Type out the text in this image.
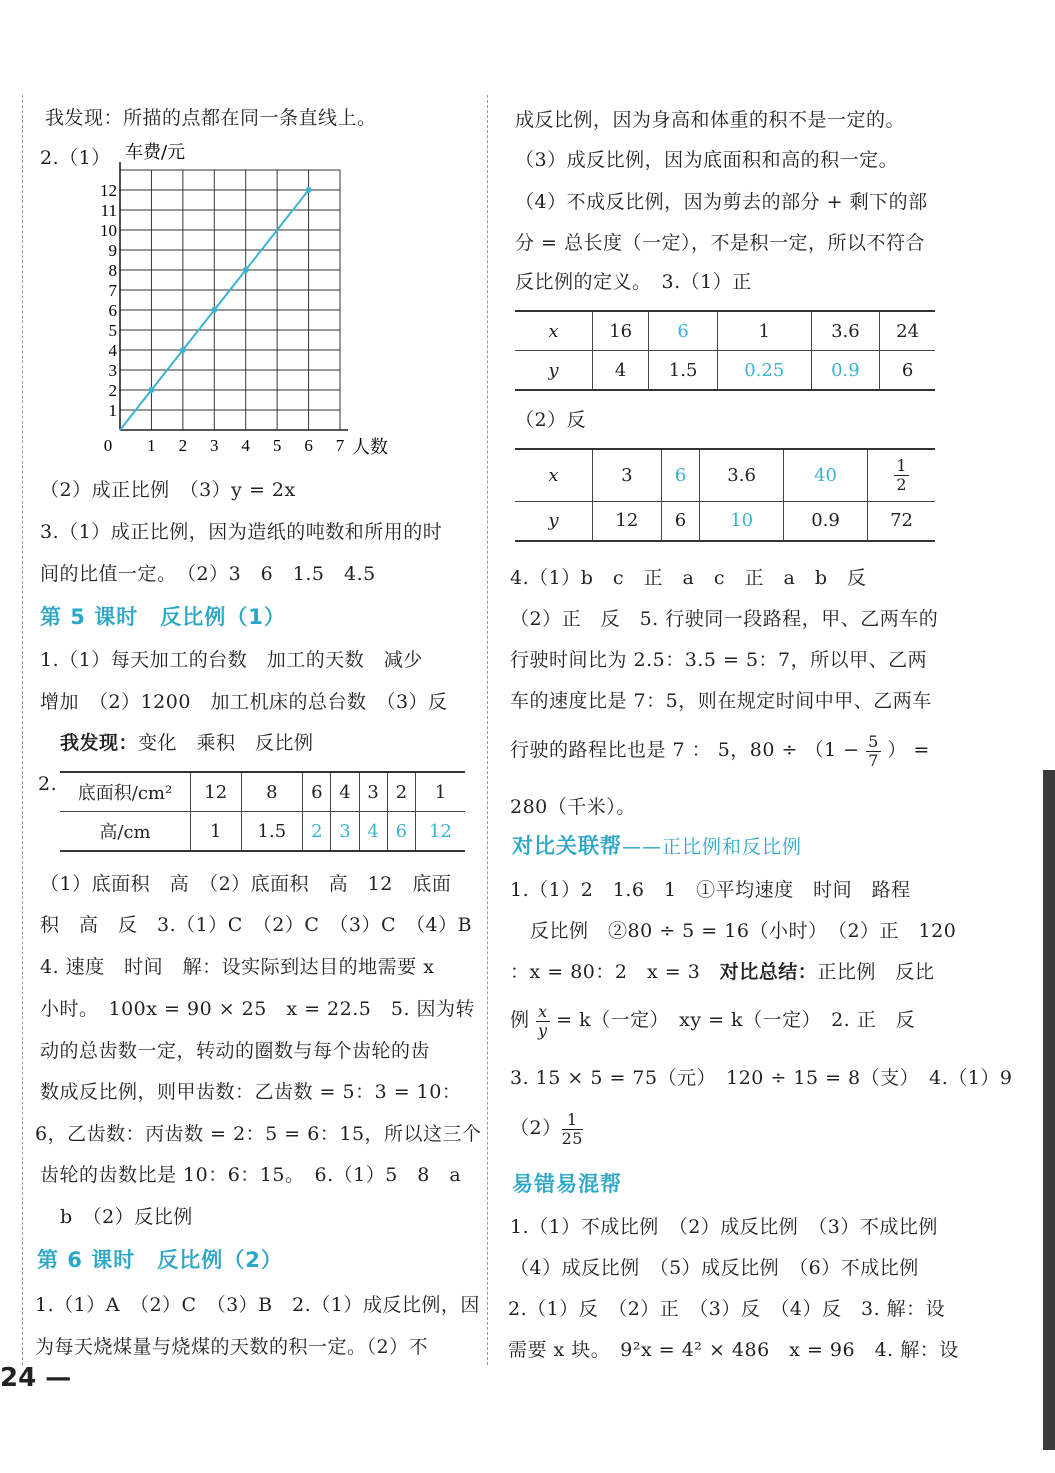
我发现：所描的点都在同一条直线上。
2.（1）
0 1 2 3 4 5 6 7
1
2
3
4
5
6
7
8
9
10
11
12
车费/元
人数
（2）成正比例　（3）y = 2x
3.（1）成正比例，因为造纸的吨数和所用的时
间的比值一定。　（2）3　6　1.5　4.5
第 5 课时　反比例（1）
1.（1）每天加工的台数　加工的天数　减少
增加　（2）1200　加工机床的总台数　（3）反
我发现：变化　乘积　反比例
2. 底面积/cm²	12	8	6	4	3	2	1
高/cm	1	1.5	2	3	4	6	12
（1）底面积　高　（2）底面积　高　12　底面
积　高　反　3.（1）C　（2）C　（3）C　（4）B
4. 速度　时间　解：设实际到达目的地需要 x
小时。　100x = 90 × 25　x = 22.5　5. 因为转
动的总齿数一定，转动的圈数与每个齿轮的齿
数成反比例，则甲齿数：乙齿数 = 5：3 = 10：
6，乙齿数：丙齿数 = 2：5 = 6：15，所以这三个
齿轮的齿数比是 10：6：15。　6.（1）5　8　a
b　（2）反比例
第 6 课时　反比例（2）
1.（1）A　（2）C　（3）B　2.（1）成反比例，因
为每天烧煤量与烧煤的天数的积一定。（2）不
成反比例，因为身高和体重的积不是一定的。
（3）成反比例，因为底面积和高的积一定。
（4）不成反比例，因为剪去的部分 + 剩下的部
分 = 总长度（一定），不是积一定，所以不符合
反比例的定义。　3.（1）正
x	16	6	1	3.6	24
y	4	1.5	0.25	0.9	6
（2）反
x	3	6	3.6	40	$\frac{1}{2}$

y	12	6	10	0.9	72
4.（1）b　c　正　a　c　正　a　b　反
（2）正　反　5. 行驶同一段路程，甲、乙两车的
行驶时间比为 2.5：3.5 = 5：7，所以甲、乙两
车的速度比是 7：5，则在规定时间中甲、乙两车
行驶的路程比也是 7 ： 5，$80 \div (1 - \frac{5}{7}$ ） =
280（千米）。
对比关联帮——正比例和反比例
1.（1）2　1.6　1　①平均速度　时间　路程
反比例　②80 ÷ 5 = 16（小时）　（2）正　120
：x = 80：2　x = 3　对比总结：正比例　反比
例 $\frac{x}{y} = k$（一定）　xy = k（一定）　2. 正　反
3. 15 × 5 = 75（元）　120 ÷ 15 = 8（支）　4.（1）9
$(2) \frac{1}{25}$
易错易混帮
1.（1）不成比例　（2）成反比例　（3）不成比例
（4）成反比例　（5）成反比例　（6）不成比例
2.（1）反　（2）正　（3）反　（4）反　3. 解：设
需要 x 块。　9²x = 4² × 486　x = 96　4. 解：设
24 —
